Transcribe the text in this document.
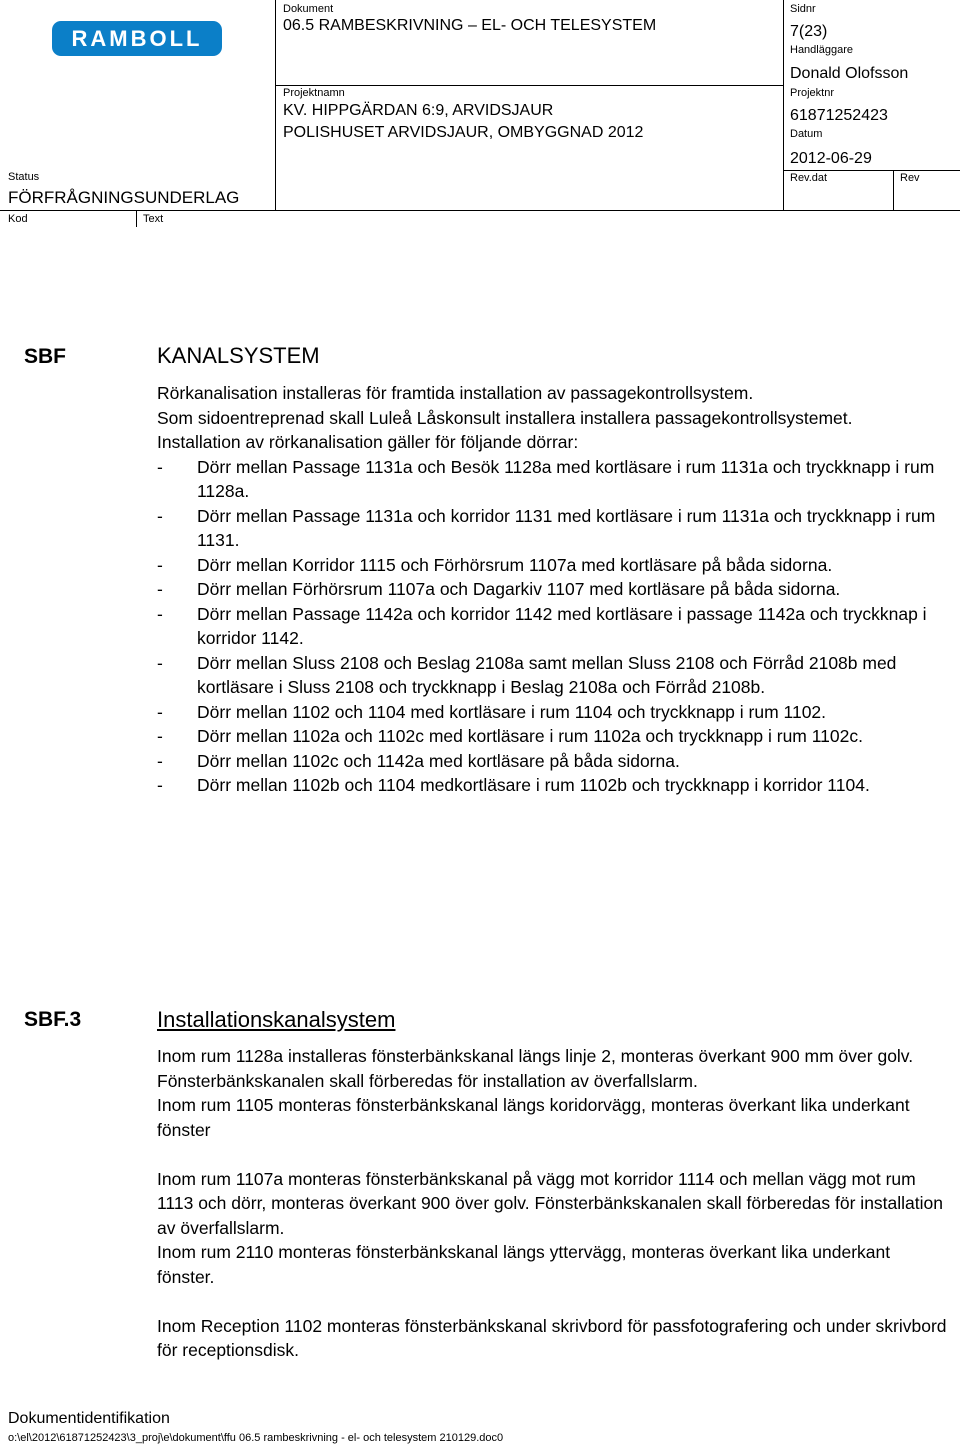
RAMBOLL
Dokument
06.5 RAMBESKRIVNING – EL- OCH TELESYSTEM
Projektnamn
KV. HIPPGÄRDAN 6:9, ARVIDSJAUR
POLISHUSET ARVIDSJAUR, OMBYGGNAD 2012
Sidnr
7(23)
Handläggare
Donald Olofsson
Projektnr
61871252423
Datum
2012-06-29
Rev.dat	Rev
Status
FÖRFRÅGNINGSUNDERLAG
Kod	Text
SBF	KANALSYSTEM

Rörkanalisation installeras för framtida installation av passagekontrollsystem.

Som sidoentreprenad skall Luleå Låskonsult installera installera passagekontrollsystemet.

Installation av rörkanalisation gäller för följande dörrar:

- Dörr mellan Passage 1131a och Besök 1128a med kortläsare i rum 1131a och tryckknapp i rum 1128a.
- Dörr mellan Passage 1131a och korridor 1131 med kortläsare i rum 1131a och tryckknapp i rum 1131.
- Dörr mellan Korridor 1115 och Förhörsrum 1107a med kortläsare på båda sidorna.
- Dörr mellan Förhörsrum 1107a och Dagarkiv 1107 med kortläsare på båda sidorna.
- Dörr mellan Passage 1142a och korridor 1142 med kortläsare i passage 1142a och tryckknap i korridor 1142.
- Dörr mellan Sluss 2108 och Beslag 2108a samt mellan Sluss 2108 och Förråd 2108b med kortläsare i Sluss 2108 och tryckknapp i Beslag 2108a och Förråd 2108b.
- Dörr mellan 1102 och 1104 med kortläsare i rum 1104 och tryckknapp i rum 1102.
- Dörr mellan 1102a och 1102c med kortläsare i rum 1102a och tryckknapp i rum 1102c.
- Dörr mellan 1102c och 1142a med kortläsare på båda sidorna.
- Dörr mellan 1102b och 1104 medkortläsare i rum 1102b och tryckknapp i korridor 1104.
SBF.3	Installationskanalsystem

Inom rum 1128a installeras fönsterbänkskanal längs linje 2, monteras överkant 900 mm över golv. Fönsterbänkskanalen skall förberedas för installation av överfallslarm.

Inom rum 1105 monteras fönsterbänkskanal längs koridorvägg, monteras överkant lika underkant fönster

Inom rum 1107a monteras fönsterbänkskanal på vägg mot korridor 1114 och mellan vägg mot rum 1113 och dörr, monteras överkant 900 över golv. Fönsterbänkskanalen skall förberedas för installation av överfallslarm.

Inom rum 2110 monteras fönsterbänkskanal längs yttervägg, monteras överkant lika underkant fönster.

Inom Reception 1102 monteras fönsterbänkskanal skrivbord för passfotografering och under skrivbord för receptionsdisk.

Dokumentidentifikation
o:\el\2012\61871252423\3_proj\e\dokument\ffu 06.5 rambeskrivning - el- och telesystem 210129.doc0
